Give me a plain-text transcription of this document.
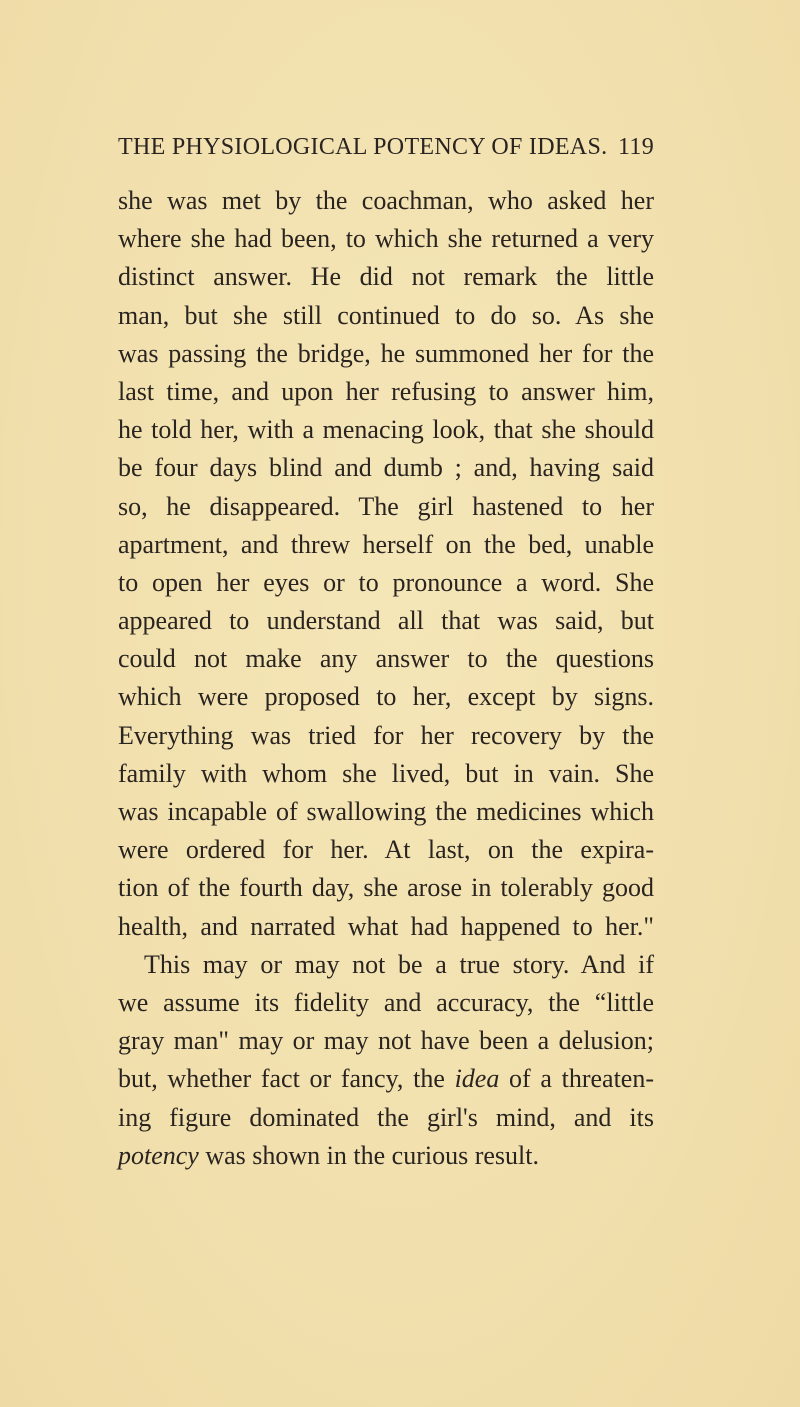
THE PHYSIOLOGICAL POTENCY OF IDEAS. 119
she was met by the coachman, who asked her
where she had been, to which she returned a very
distinct answer. He did not remark the little
man, but she still continued to do so. As she
was passing the bridge, he summoned her for the
last time, and upon her refusing to answer him,
he told her, with a menacing look, that she should
be four days blind and dumb ; and, having said
so, he disappeared. The girl hastened to her
apartment, and threw herself on the bed, unable
to open her eyes or to pronounce a word. She
appeared to understand all that was said, but
could not make any answer to the questions
which were proposed to her, except by signs.
Everything was tried for her recovery by the
family with whom she lived, but in vain. She
was incapable of swallowing the medicines which
were ordered for her. At last, on the expira-
tion of the fourth day, she arose in tolerably good
health, and narrated what had happened to her."
This may or may not be a true story. And if
we assume its fidelity and accuracy, the “little
gray man" may or may not have been a delusion;
but, whether fact or fancy, the idea of a threaten-
ing figure dominated the girl's mind, and its
potency was shown in the curious result.
